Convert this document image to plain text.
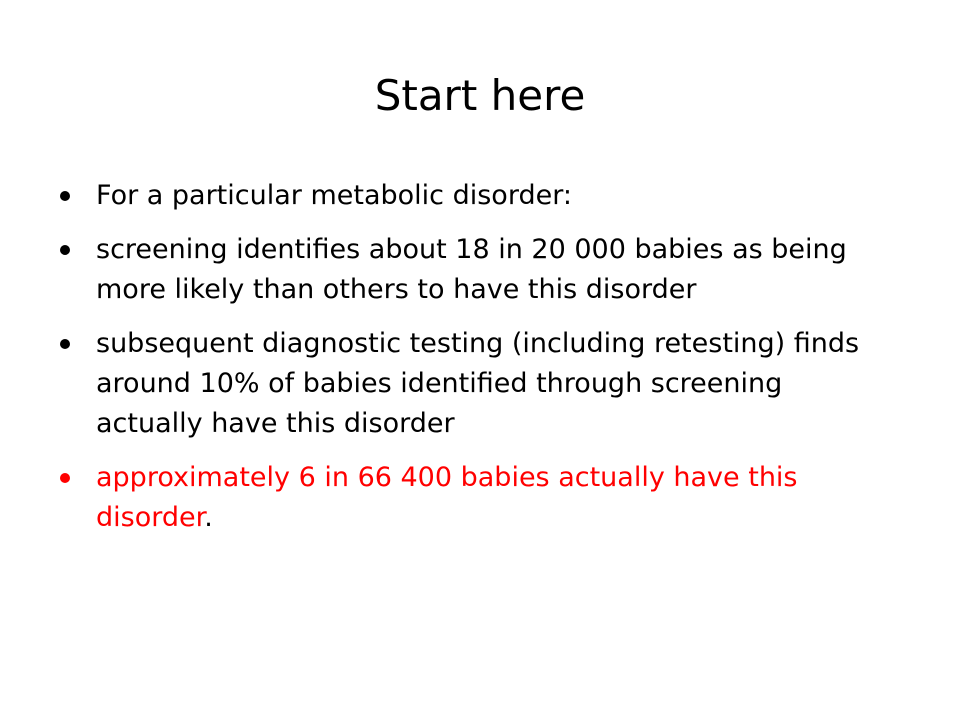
Start here
For a particular metabolic disorder:
screening identifies about 18 in 20 000 babies as being more likely than others to have this disorder
subsequent diagnostic testing (including retesting) finds around 10% of babies identified through screening actually have this disorder
approximately 6 in 66 400 babies actually have this disorder.
